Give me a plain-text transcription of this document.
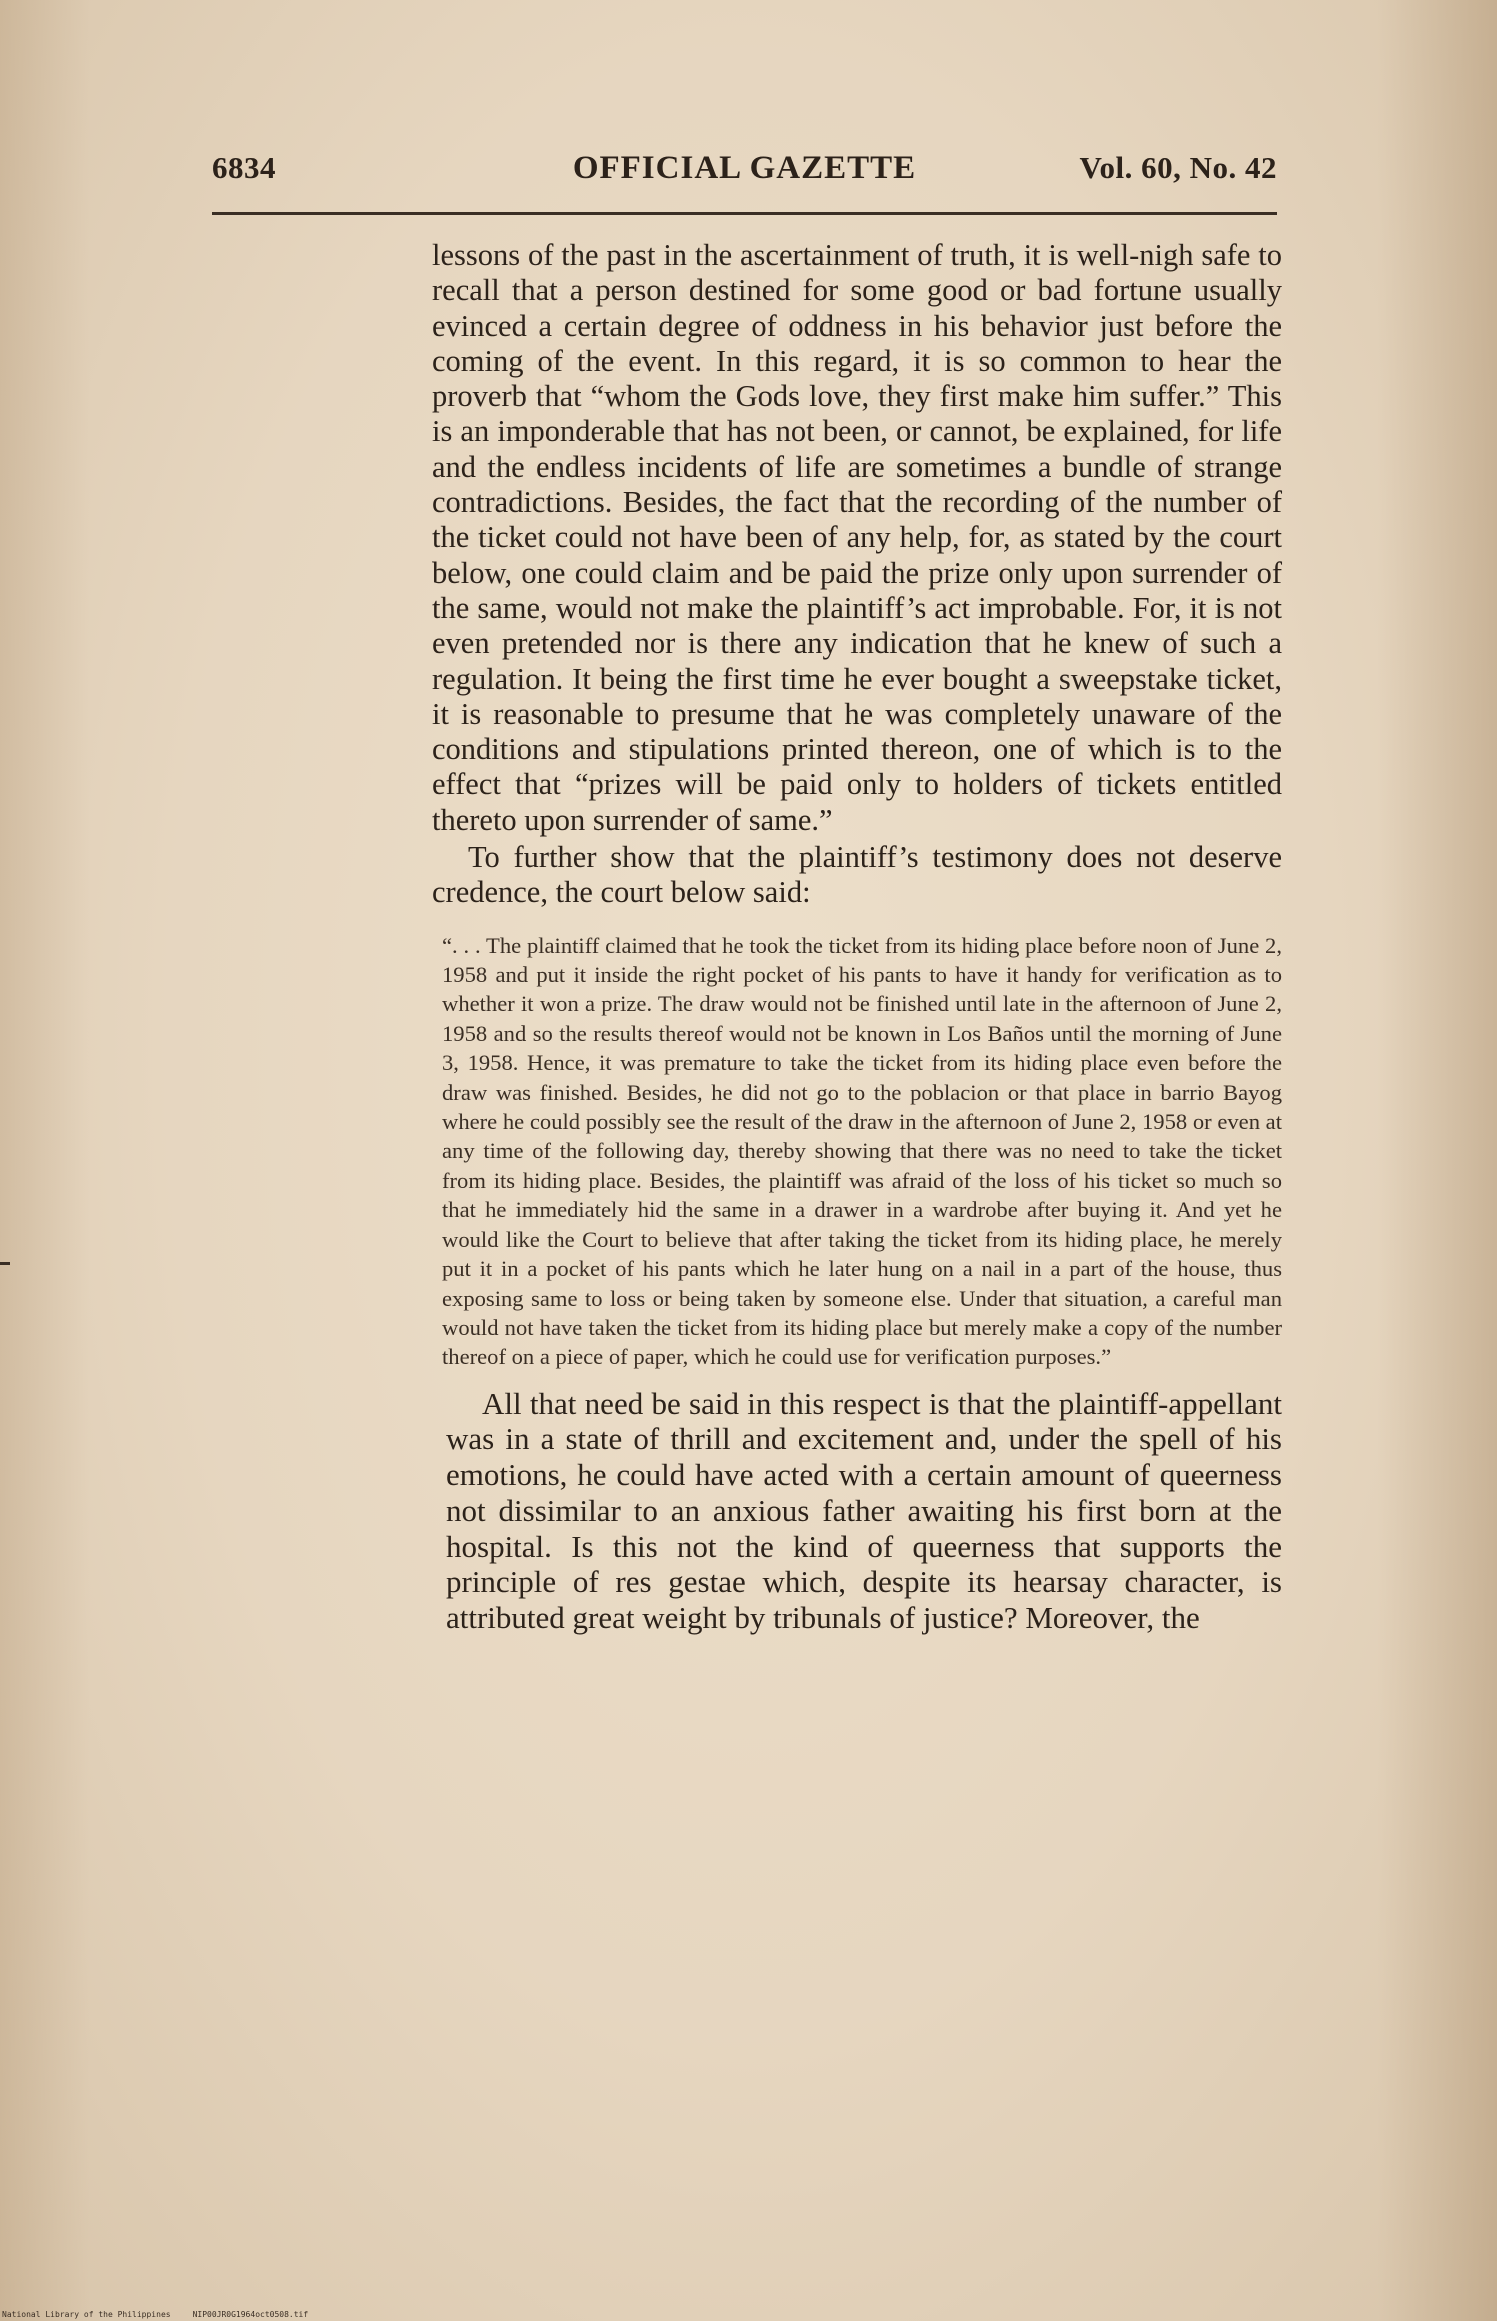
6834	OFFICIAL GAZETTE	Vol. 60, No. 42

lessons of the past in the ascertainment of truth, it is well-nigh safe to recall that a person destined for some good or bad fortune usually evinced a certain degree of oddness in his behavior just before the coming of the event. In this regard, it is so common to hear the proverb that “whom the Gods love, they first make him suffer.” This is an imponderable that has not been, or cannot, be explained, for life and the endless incidents of life are sometimes a bundle of strange contradictions. Besides, the fact that the recording of the number of the ticket could not have been of any help, for, as stated by the court below, one could claim and be paid the prize only upon surrender of the same, would not make the plaintiff’s act improbable. For, it is not even pretended nor is there any indication that he knew of such a regulation. It being the first time he ever bought a sweepstake ticket, it is reasonable to presume that he was completely unaware of the conditions and stipulations printed thereon, one of which is to the effect that “prizes will be paid only to holders of tickets entitled thereto upon surrender of same.”

To further show that the plaintiff’s testimony does not deserve credence, the court below said:

“. . . The plaintiff claimed that he took the ticket from its hiding place before noon of June 2, 1958 and put it inside the right pocket of his pants to have it handy for verification as to whether it won a prize. The draw would not be finished until late in the afternoon of June 2, 1958 and so the results thereof would not be known in Los Baños until the morning of June 3, 1958. Hence, it was premature to take the ticket from its hiding place even before the draw was finished. Besides, he did not go to the poblacion or that place in barrio Bayog where he could possibly see the result of the draw in the afternoon of June 2, 1958 or even at any time of the following day, thereby showing that there was no need to take the ticket from its hiding place. Besides, the plaintiff was afraid of the loss of his ticket so much so that he immediately hid the same in a drawer in a wardrobe after buying it. And yet he would like the Court to believe that after taking the ticket from its hiding place, he merely put it in a pocket of his pants which he later hung on a nail in a part of the house, thus exposing same to loss or being taken by someone else. Under that situation, a careful man would not have taken the ticket from its hiding place but merely make a copy of the number thereof on a piece of paper, which he could use for verification purposes.”

All that need be said in this respect is that the plaintiff-appellant was in a state of thrill and excitement and, under the spell of his emotions, he could have acted with a certain amount of queerness not dissimilar to an anxious father awaiting his first born at the hospital. Is this not the kind of queerness that supports the principle of res gestae which, despite its hearsay character, is attributed great weight by tribunals of justice? Moreover, the

National Library of the Philippines	NIP00JR0G1964oct0508.tif
